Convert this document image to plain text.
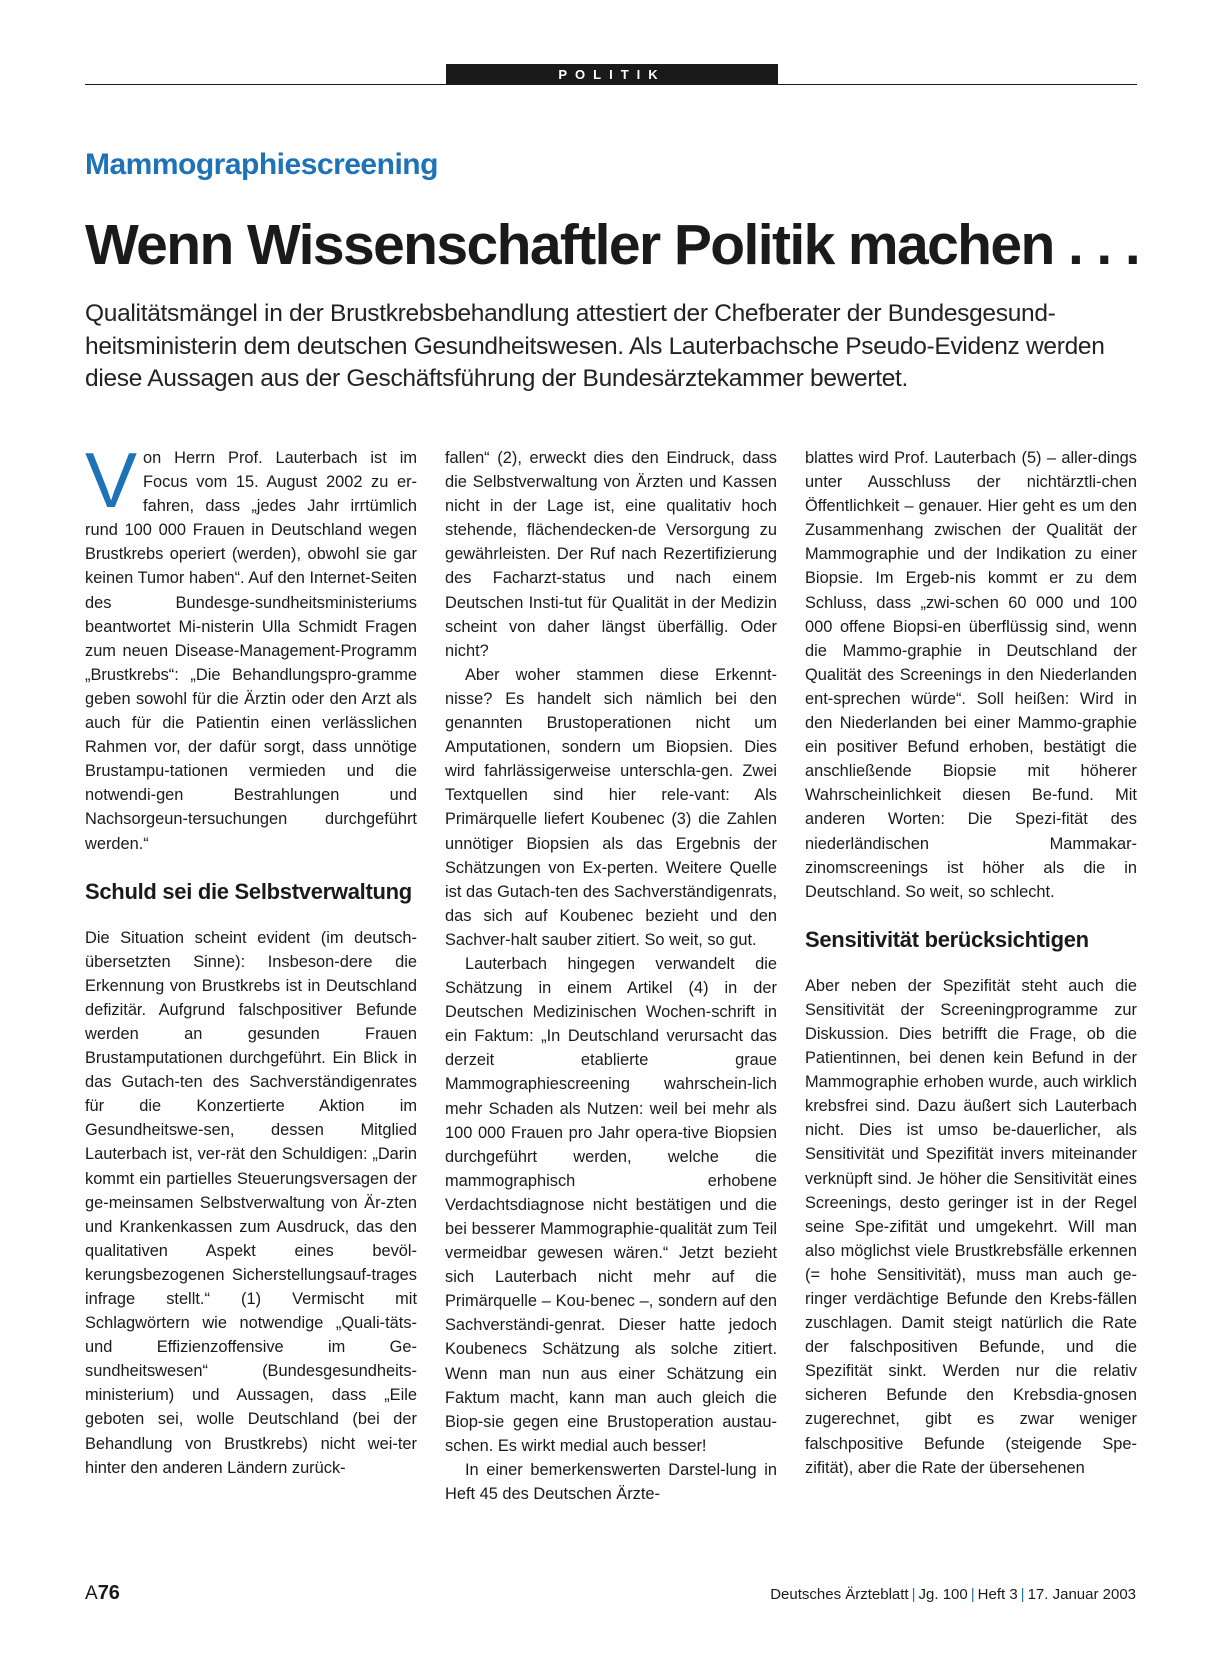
POLITIK
Mammographiescreening
Wenn Wissenschaftler Politik machen . . .

Qualitätsmängel in der Brustkrebsbehandlung attestiert der Chefberater der Bundesgesund-heitsministerin dem deutschen Gesundheitswesen. Als Lauterbachsche Pseudo-Evidenz werden diese Aussagen aus der Geschäftsführung der Bundesärztekammer bewertet.

Von Herrn Prof. Lauterbach ist im Focus vom 15. August 2002 zu er-fahren, dass „jedes Jahr irrtümlich rund 100 000 Frauen in Deutschland wegen Brustkrebs operiert (werden), obwohl sie gar keinen Tumor haben“. Auf den Internet-Seiten des Bundesge-sundheitsministeriums beantwortet Mi-nisterin Ulla Schmidt Fragen zum neuen Disease-Management-Programm „Brustkrebs“: „Die Behandlungspro-gramme geben sowohl für die Ärztin oder den Arzt als auch für die Patientin einen verlässlichen Rahmen vor, der dafür sorgt, dass unnötige Brustampu-tationen vermieden und die notwendi-gen Bestrahlungen und Nachsorgeun-tersuchungen durchgeführt werden.“

Schuld sei die Selbstverwaltung

Die Situation scheint evident (im deutsch-übersetzten Sinne): Insbeson-dere die Erkennung von Brustkrebs ist in Deutschland defizitär. Aufgrund falschpositiver Befunde werden an gesunden Frauen Brustamputationen durchgeführt. Ein Blick in das Gutach-ten des Sachverständigenrates für die Konzertierte Aktion im Gesundheitswe-sen, dessen Mitglied Lauterbach ist, ver-rät den Schuldigen: „Darin kommt ein partielles Steuerungsversagen der ge-meinsamen Selbstverwaltung von Är-zten und Krankenkassen zum Ausdruck, das den qualitativen Aspekt eines bevöl-kerungsbezogenen Sicherstellungsauf-trages infrage stellt.“ (1) Vermischt mit Schlagwörtern wie notwendige „Quali-täts- und Effizienzoffensive im Ge-sundheitswesen“ (Bundesgesundheits-ministerium) und Aussagen, dass „Eile geboten sei, wolle Deutschland (bei der Behandlung von Brustkrebs) nicht wei-ter hinter den anderen Ländern zurück-

fallen“ (2), erweckt dies den Eindruck, dass die Selbstverwaltung von Ärzten und Kassen nicht in der Lage ist, eine qualitativ hoch stehende, flächendecken-de Versorgung zu gewährleisten. Der Ruf nach Rezertifizierung des Facharzt-status und nach einem Deutschen Insti-tut für Qualität in der Medizin scheint von daher längst überfällig. Oder nicht?

Aber woher stammen diese Erkennt-nisse? Es handelt sich nämlich bei den genannten Brustoperationen nicht um Amputationen, sondern um Biopsien. Dies wird fahrlässigerweise unterschla-gen. Zwei Textquellen sind hier rele-vant: Als Primärquelle liefert Koubenec (3) die Zahlen unnötiger Biopsien als das Ergebnis der Schätzungen von Ex-perten. Weitere Quelle ist das Gutach-ten des Sachverständigenrats, das sich auf Koubenec bezieht und den Sachver-halt sauber zitiert. So weit, so gut.

Lauterbach hingegen verwandelt die Schätzung in einem Artikel (4) in der Deutschen Medizinischen Wochen-schrift in ein Faktum: „In Deutschland verursacht das derzeit etablierte graue Mammographiescreening wahrschein-lich mehr Schaden als Nutzen: weil bei mehr als 100 000 Frauen pro Jahr opera-tive Biopsien durchgeführt werden, welche die mammographisch erhobene Verdachtsdiagnose nicht bestätigen und die bei besserer Mammographie-qualität zum Teil vermeidbar gewesen wären.“ Jetzt bezieht sich Lauterbach nicht mehr auf die Primärquelle – Kou-benec –, sondern auf den Sachverständi-genrat. Dieser hatte jedoch Koubenecs Schätzung als solche zitiert. Wenn man nun aus einer Schätzung ein Faktum macht, kann man auch gleich die Biop-sie gegen eine Brustoperation austau-schen. Es wirkt medial auch besser!

In einer bemerkenswerten Darstel-lung in Heft 45 des Deutschen Ärzte-

blattes wird Prof. Lauterbach (5) – aller-dings unter Ausschluss der nichtärztli-chen Öffentlichkeit – genauer. Hier geht es um den Zusammenhang zwischen der Qualität der Mammographie und der Indikation zu einer Biopsie. Im Ergeb-nis kommt er zu dem Schluss, dass „zwi-schen 60 000 und 100 000 offene Biopsi-en überflüssig sind, wenn die Mammo-graphie in Deutschland der Qualität des Screenings in den Niederlanden ent-sprechen würde“. Soll heißen: Wird in den Niederlanden bei einer Mammo-graphie ein positiver Befund erhoben, bestätigt die anschließende Biopsie mit höherer Wahrscheinlichkeit diesen Be-fund. Mit anderen Worten: Die Spezi-fität des niederländischen Mammakar-zinomscreenings ist höher als die in Deutschland. So weit, so schlecht.

Sensitivität berücksichtigen

Aber neben der Spezifität steht auch die Sensitivität der Screeningprogramme zur Diskussion. Dies betrifft die Frage, ob die Patientinnen, bei denen kein Befund in der Mammographie erhoben wurde, auch wirklich krebsfrei sind. Dazu äußert sich Lauterbach nicht. Dies ist umso be-dauerlicher, als Sensitivität und Spezifität invers miteinander verknüpft sind. Je höher die Sensitivität eines Screenings, desto geringer ist in der Regel seine Spe-zifität und umgekehrt. Will man also möglichst viele Brustkrebsfälle erkennen (= hohe Sensitivität), muss man auch ge-ringer verdächtige Befunde den Krebs-fällen zuschlagen. Damit steigt natürlich die Rate der falschpositiven Befunde, und die Spezifität sinkt. Werden nur die relativ sicheren Befunde den Krebsdia-gnosen zugerechnet, gibt es zwar weniger falschpositive Befunde (steigende Spe-zifität), aber die Rate der übersehenen

A76	Deutsches Ärzteblatt | Jg. 100 | Heft 3 | 17. Januar 2003
